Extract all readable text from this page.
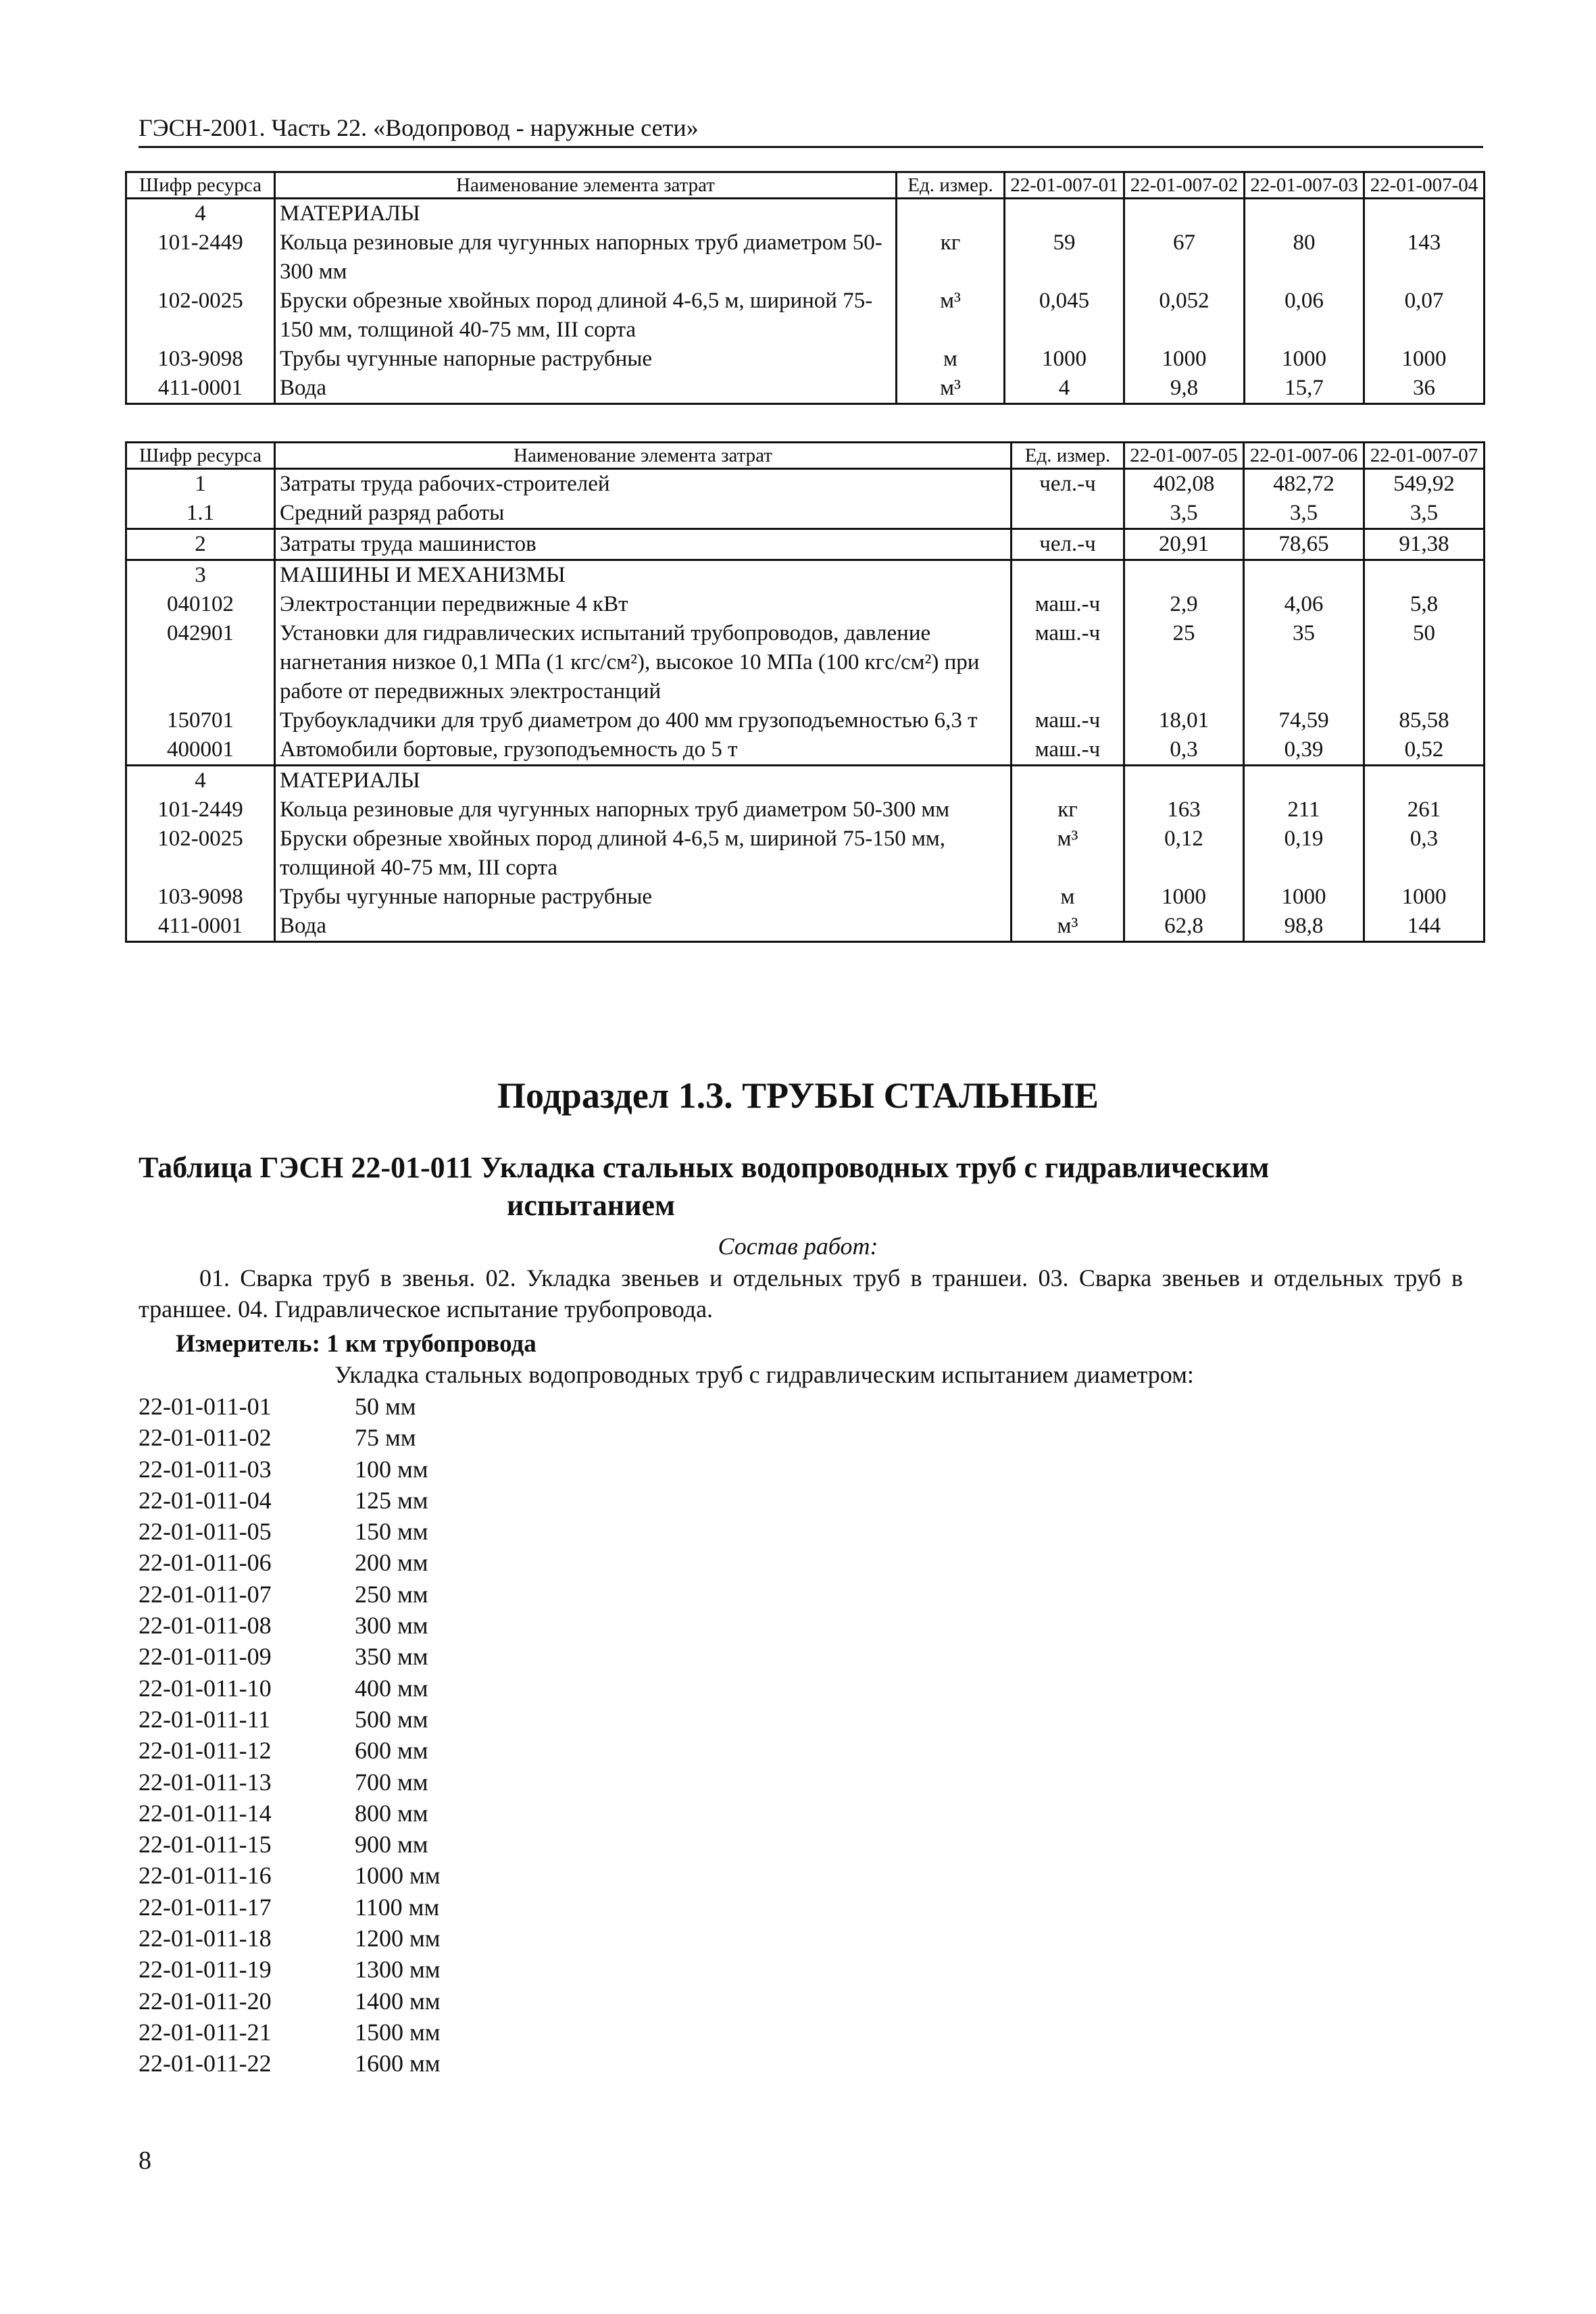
ГЭСН-2001. Часть 22. «Водопровод - наружные сети»
Шифр ресурса	Наименование элемента затрат	Ед. измер.	22-01-007-01	22-01-007-02	22-01-007-03	22-01-007-04
4	МАТЕРИАЛЫ					
101-2449	Кольца резиновые для чугунных напорных труб диаметром 50-300 мм	кг	59	67	80	143
102-0025	Бруски обрезные хвойных пород длиной 4-6,5 м, шириной 75-150 мм, толщиной 40-75 мм, III сорта	м³	0,045	0,052	0,06	0,07
103-9098	Трубы чугунные напорные раструбные	м	1000	1000	1000	1000
411-0001	Вода	м³	4	9,8	15,7	36
Шифр ресурса	Наименование элемента затрат	Ед. измер.	22-01-007-05	22-01-007-06	22-01-007-07
1	Затраты труда рабочих-строителей	чел.-ч	402,08	482,72	549,92
1.1	Средний разряд работы		3,5	3,5	3,5
2	Затраты труда машинистов	чел.-ч	20,91	78,65	91,38
3	МАШИНЫ И МЕХАНИЗМЫ				
040102	Электростанции передвижные 4 кВт	маш.-ч	2,9	4,06	5,8
042901	Установки для гидравлических испытаний трубопроводов, давление нагнетания низкое 0,1 МПа (1 кгс/см²), высокое 10 МПа (100 кгс/см²) при работе от передвижных электростанций	маш.-ч	25	35	50
150701	Трубоукладчики для труб диаметром до 400 мм грузоподъемностью 6,3 т	маш.-ч	18,01	74,59	85,58
400001	Автомобили бортовые, грузоподъемность до 5 т	маш.-ч	0,3	0,39	0,52
4	МАТЕРИАЛЫ				
101-2449	Кольца резиновые для чугунных напорных труб диаметром 50-300 мм	кг	163	211	261
102-0025	Бруски обрезные хвойных пород длиной 4-6,5 м, шириной 75-150 мм, толщиной 40-75 мм, III сорта	м³	0,12	0,19	0,3
103-9098	Трубы чугунные напорные раструбные	м	1000	1000	1000
411-0001	Вода	м³	62,8	98,8	144
Подраздел 1.3. ТРУБЫ СТАЛЬНЫЕ
Таблица ГЭСН 22-01-011 Укладка стальных водопроводных труб с гидравлическим
испытанием
Состав работ:
01. Сварка труб в звенья. 02. Укладка звеньев и отдельных труб в траншеи. 03. Сварка звеньев и отдельных труб в траншее. 04. Гидравлическое испытание трубопровода.
Измеритель: 1 км трубопровода
Укладка стальных водопроводных труб с гидравлическим испытанием диаметром:
22-01-011-01	50 мм
22-01-011-02	75 мм
22-01-011-03	100 мм
22-01-011-04	125 мм
22-01-011-05	150 мм
22-01-011-06	200 мм
22-01-011-07	250 мм
22-01-011-08	300 мм
22-01-011-09	350 мм
22-01-011-10	400 мм
22-01-011-11	500 мм
22-01-011-12	600 мм
22-01-011-13	700 мм
22-01-011-14	800 мм
22-01-011-15	900 мм
22-01-011-16	1000 мм
22-01-011-17	1100 мм
22-01-011-18	1200 мм
22-01-011-19	1300 мм
22-01-011-20	1400 мм
22-01-011-21	1500 мм
22-01-011-22	1600 мм
8
